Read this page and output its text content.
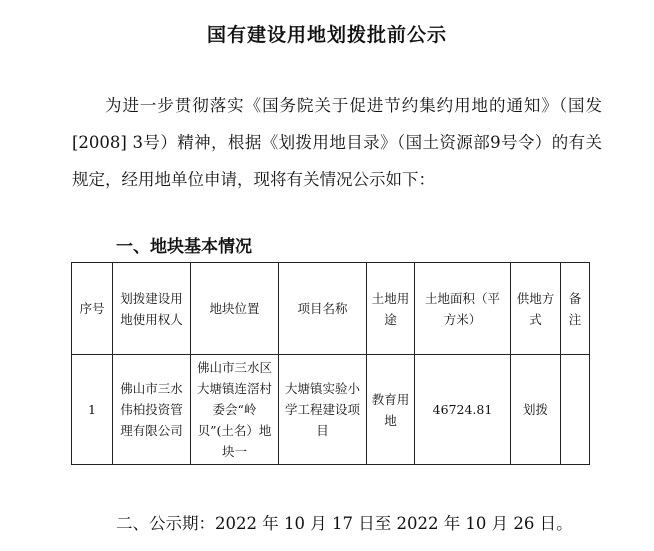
国有建设用地划拨批前公示

为进一步贯彻落实《国务院关于促进节约集约用地的通知》（国发[2008] 3号）精神，根据《划拨用地目录》（国土资源部9号令）的有关规定，经用地单位申请，现将有关情况公示如下：

一、地块基本情况
序号	划拨建设用地使用权人	地块位置	项目名称	土地用途	土地面积（平方米）	供地方式	备注
1	佛山市三水伟柏投资管理有限公司	佛山市三水区大塘镇连滘村委会“岭贝”(土名）地块一	大塘镇实验小学工程建设项目	教育用地	46724.81	划拨	
二、公示期：2022 年 10 月 17 日至 2022 年 10 月 26 日。
